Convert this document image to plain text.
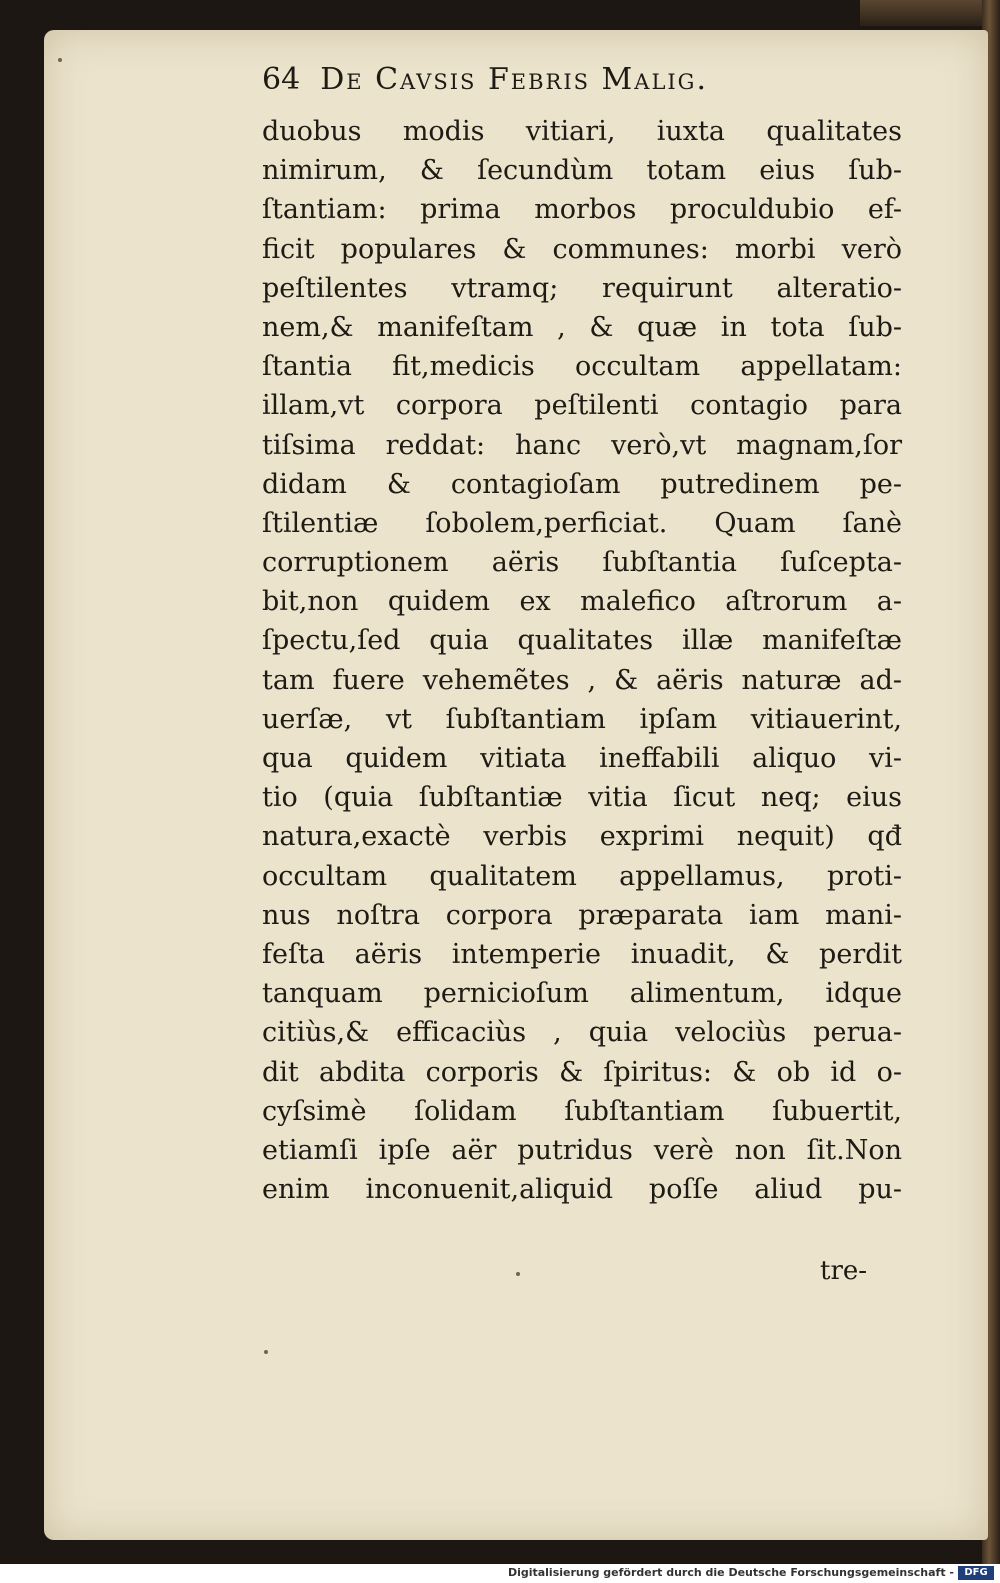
64 De Cavsis Febris Malig.
duobus modis vitiari, iuxta qualitates
nimirum, & ſecundùm totam eius ſub-
ſtantiam: prima morbos proculdubio ef-
ficit populares & communes: morbi verò
peſtilentes vtramq; requirunt alteratio-
nem,& manifeſtam , & quæ in tota ſub-
ſtantia fit,medicis occultam appellatam:
illam,vt corpora peſtilenti contagio para
tiſsima reddat: hanc verò,vt magnam,ſor
didam & contagioſam putredinem pe-
ſtilentiæ ſobolem,perficiat. Quam ſanè
corruptionem aëris ſubſtantia ſuſcepta-
bit,non quidem ex malefico aſtrorum a-
ſpectu,ſed quia qualitates illæ manifeſtæ
tam fuere vehemẽtes , & aëris naturæ ad-
uerſæ, vt ſubſtantiam ipſam vitiauerint,
qua quidem vitiata ineffabili aliquo vi-
tio (quia ſubſtantiæ vitia ſicut neq; eius
natura,exactè verbis exprimi nequit) qđ
occultam qualitatem appellamus, proti-
nus noſtra corpora præparata iam mani-
feſta aëris intemperie inuadit, & perdit
tanquam pernicioſum alimentum, idque
citiùs,& efficaciùs , quia velociùs perua-
dit abdita corporis & ſpiritus: & ob id o-
cyſsimè ſolidam ſubſtantiam ſubuertit,
etiamſi ipſe aër putridus verè non ſit.Non
enim inconuenit,aliquid poſſe aliud pu-
tre-
Digitalisierung gefördert durch die Deutsche Forschungsgemeinschaft -	DFG
